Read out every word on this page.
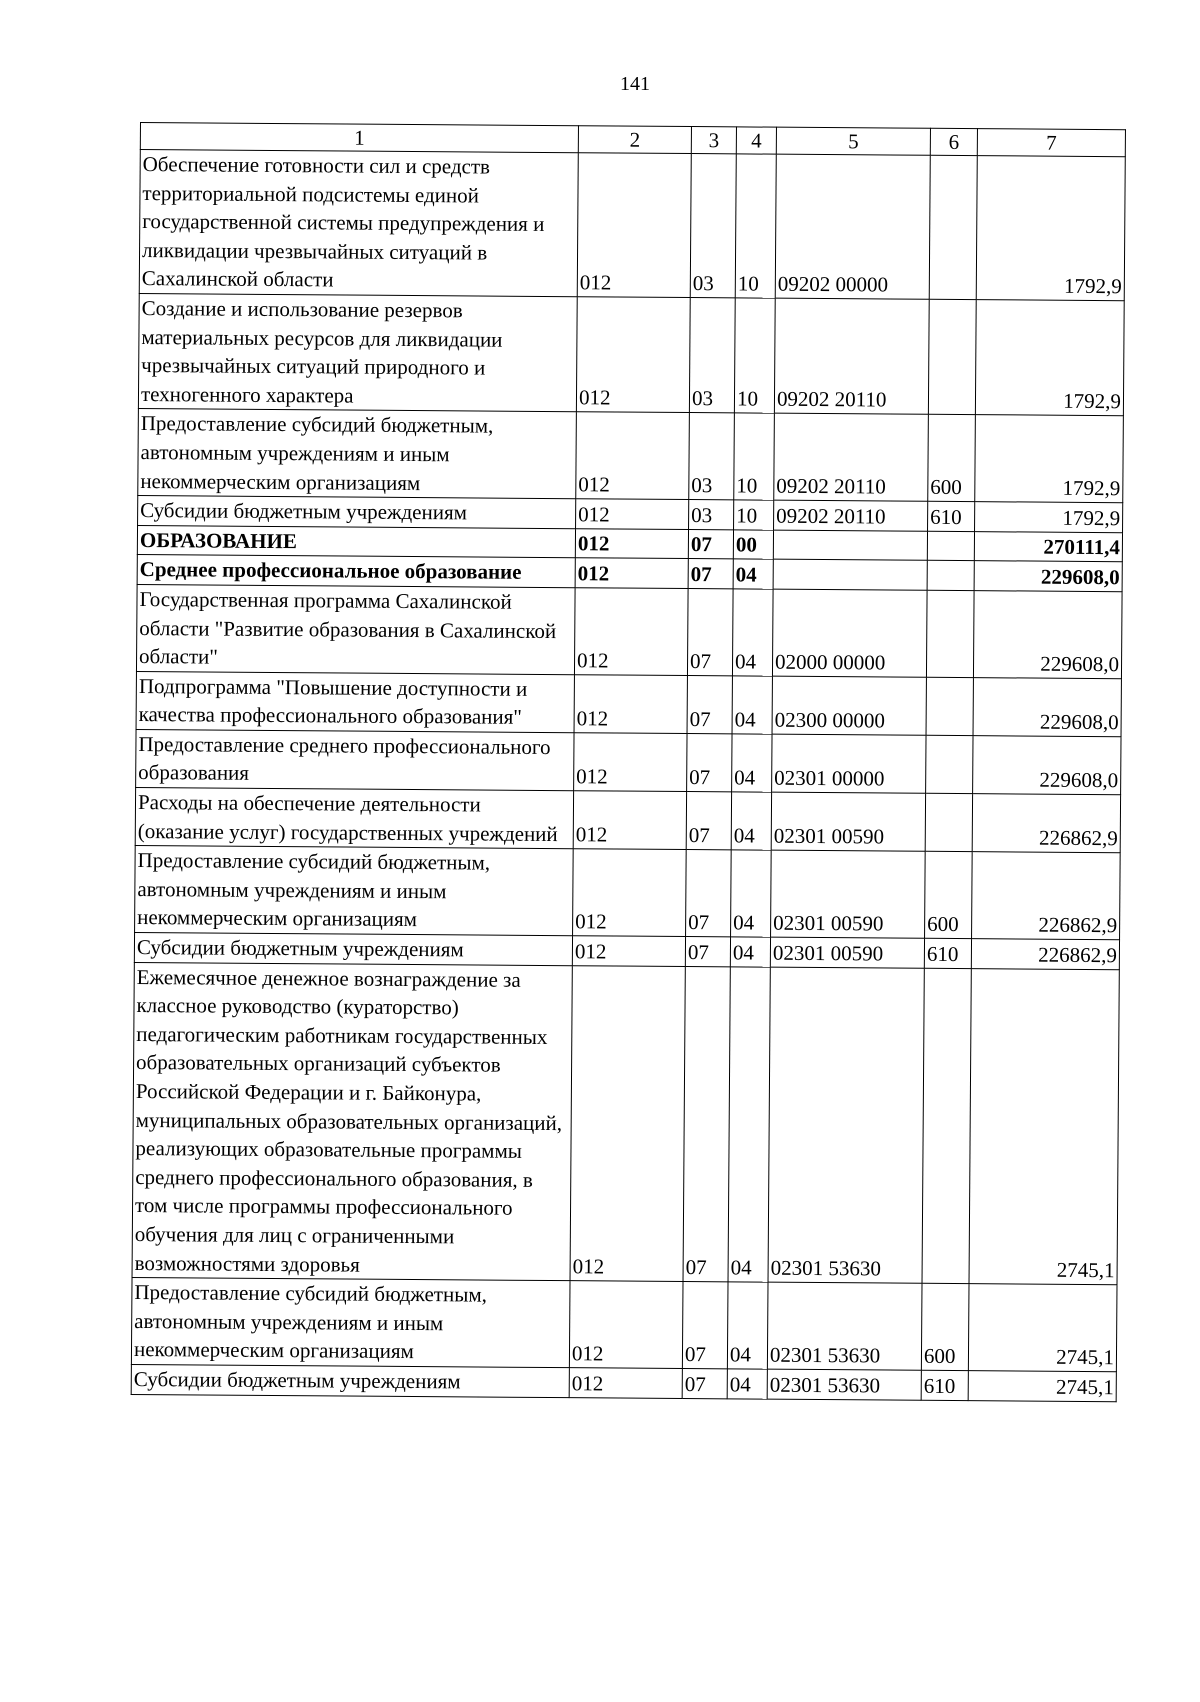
141
1	2	3	4	5	6	7
Обеспечение готовности сил и средств территориальной подсистемы единой государственной системы предупреждения и ликвидации чрезвычайных ситуаций в Сахалинской области	012	03	10	09202 00000		1792,9
Создание и использование резервов материальных ресурсов для ликвидации чрезвычайных ситуаций природного и техногенного характера	012	03	10	09202 20110		1792,9
Предоставление субсидий бюджетным, автономным учреждениям и иным некоммерческим организациям	012	03	10	09202 20110	600	1792,9
Субсидии бюджетным учреждениям	012	03	10	09202 20110	610	1792,9
ОБРАЗОВАНИЕ	012	07	00			270111,4
Среднее профессиональное образование	012	07	04			229608,0
Государственная программа Сахалинской области "Развитие образования в Сахалинской области"	012	07	04	02000 00000		229608,0
Подпрограмма "Повышение доступности и качества профессионального образования"	012	07	04	02300 00000		229608,0
Предоставление среднего профессионального образования	012	07	04	02301 00000		229608,0
Расходы на обеспечение деятельности (оказание услуг) государственных учреждений	012	07	04	02301 00590		226862,9
Предоставление субсидий бюджетным, автономным учреждениям и иным некоммерческим организациям	012	07	04	02301 00590	600	226862,9
Субсидии бюджетным учреждениям	012	07	04	02301 00590	610	226862,9
Ежемесячное денежное вознаграждение за классное руководство (кураторство) педагогическим работникам государственных образовательных организаций субъектов Российской Федерации и г. Байконура, муниципальных образовательных организаций, реализующих образовательные программы среднего профессионального образования, в том числе программы профессионального обучения для лиц с ограниченными возможностями здоровья	012	07	04	02301 53630		2745,1
Предоставление субсидий бюджетным, автономным учреждениям и иным некоммерческим организациям	012	07	04	02301 53630	600	2745,1
Субсидии бюджетным учреждениям	012	07	04	02301 53630	610	2745,1
